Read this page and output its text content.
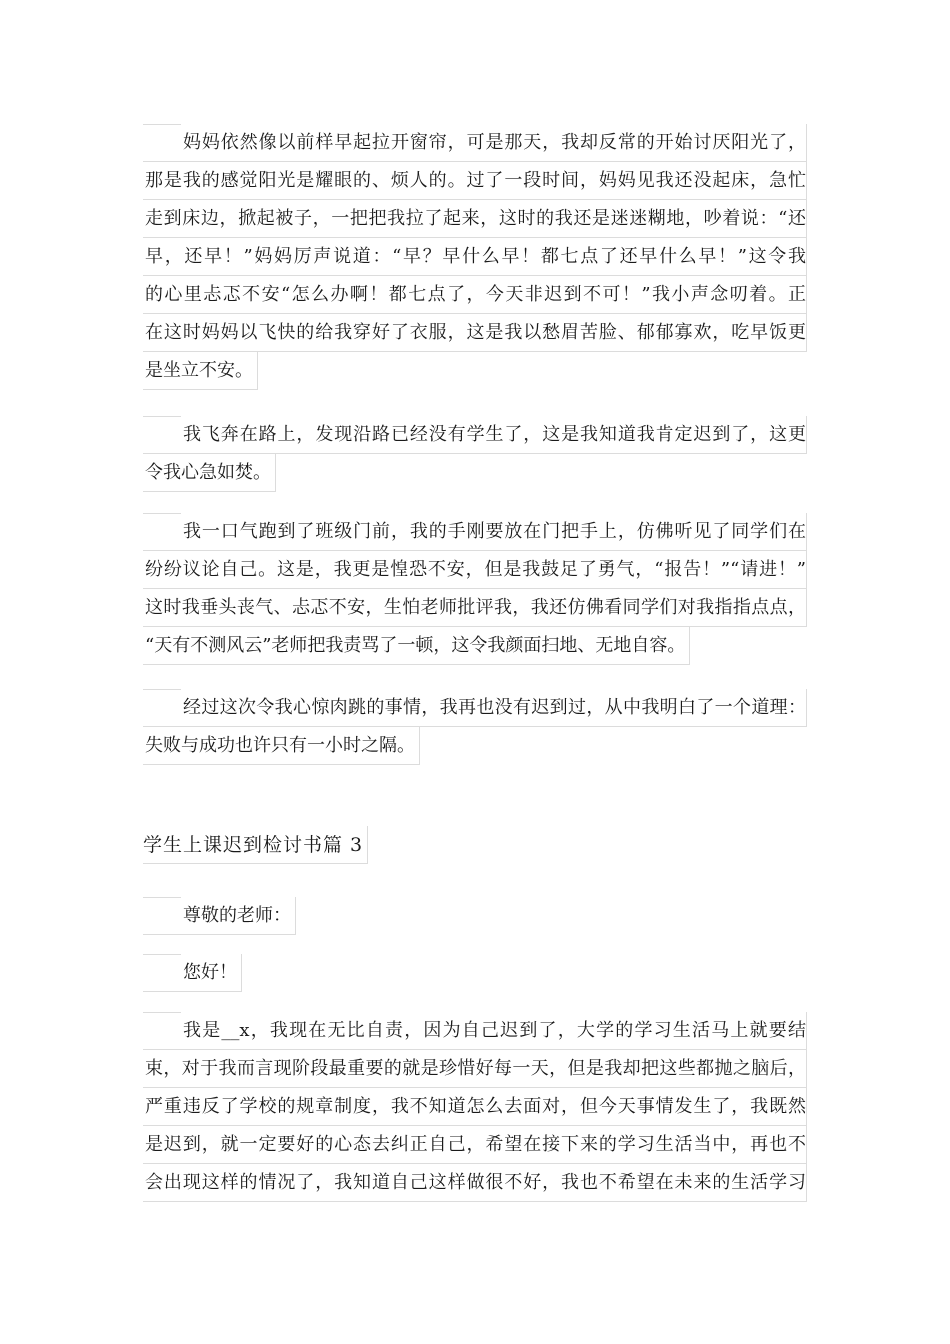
妈妈依然像以前样早起拉开窗帘，可是那天，我却反常的开始讨厌阳光了，
那是我的感觉阳光是耀眼的、烦人的。过了一段时间，妈妈见我还没起床，急忙
走到床边，掀起被子，一把把我拉了起来，这时的我还是迷迷糊地，吵着说：“还
早，还早！”妈妈厉声说道：“早？早什么早！都七点了还早什么早！”这令我
的心里忐忑不安“怎么办啊！都七点了，今天非迟到不可！”我小声念叨着。正
在这时妈妈以飞快的给我穿好了衣服，这是我以愁眉苦脸、郁郁寡欢，吃早饭更
是坐立不安。
我飞奔在路上，发现沿路已经没有学生了，这是我知道我肯定迟到了，这更
令我心急如焚。
我一口气跑到了班级门前，我的手刚要放在门把手上，仿佛听见了同学们在
纷纷议论自己。这是，我更是惶恐不安，但是我鼓足了勇气，“报告！”“请进！”
这时我垂头丧气、忐忑不安，生怕老师批评我，我还仿佛看同学们对我指指点点，
“天有不测风云”老师把我责骂了一顿，这令我颜面扫地、无地自容。
经过这次令我心惊肉跳的事情，我再也没有迟到过，从中我明白了一个道理：
失败与成功也许只有一小时之隔。
学生上课迟到检讨书篇 3
尊敬的老师：
您好！
我是__x，我现在无比自责，因为自己迟到了，大学的学习生活马上就要结
束，对于我而言现阶段最重要的就是珍惜好每一天，但是我却把这些都抛之脑后，
严重违反了学校的规章制度，我不知道怎么去面对，但今天事情发生了，我既然
是迟到，就一定要好的心态去纠正自己，希望在接下来的学习生活当中，再也不
会出现这样的情况了，我知道自己这样做很不好，我也不希望在未来的生活学习
